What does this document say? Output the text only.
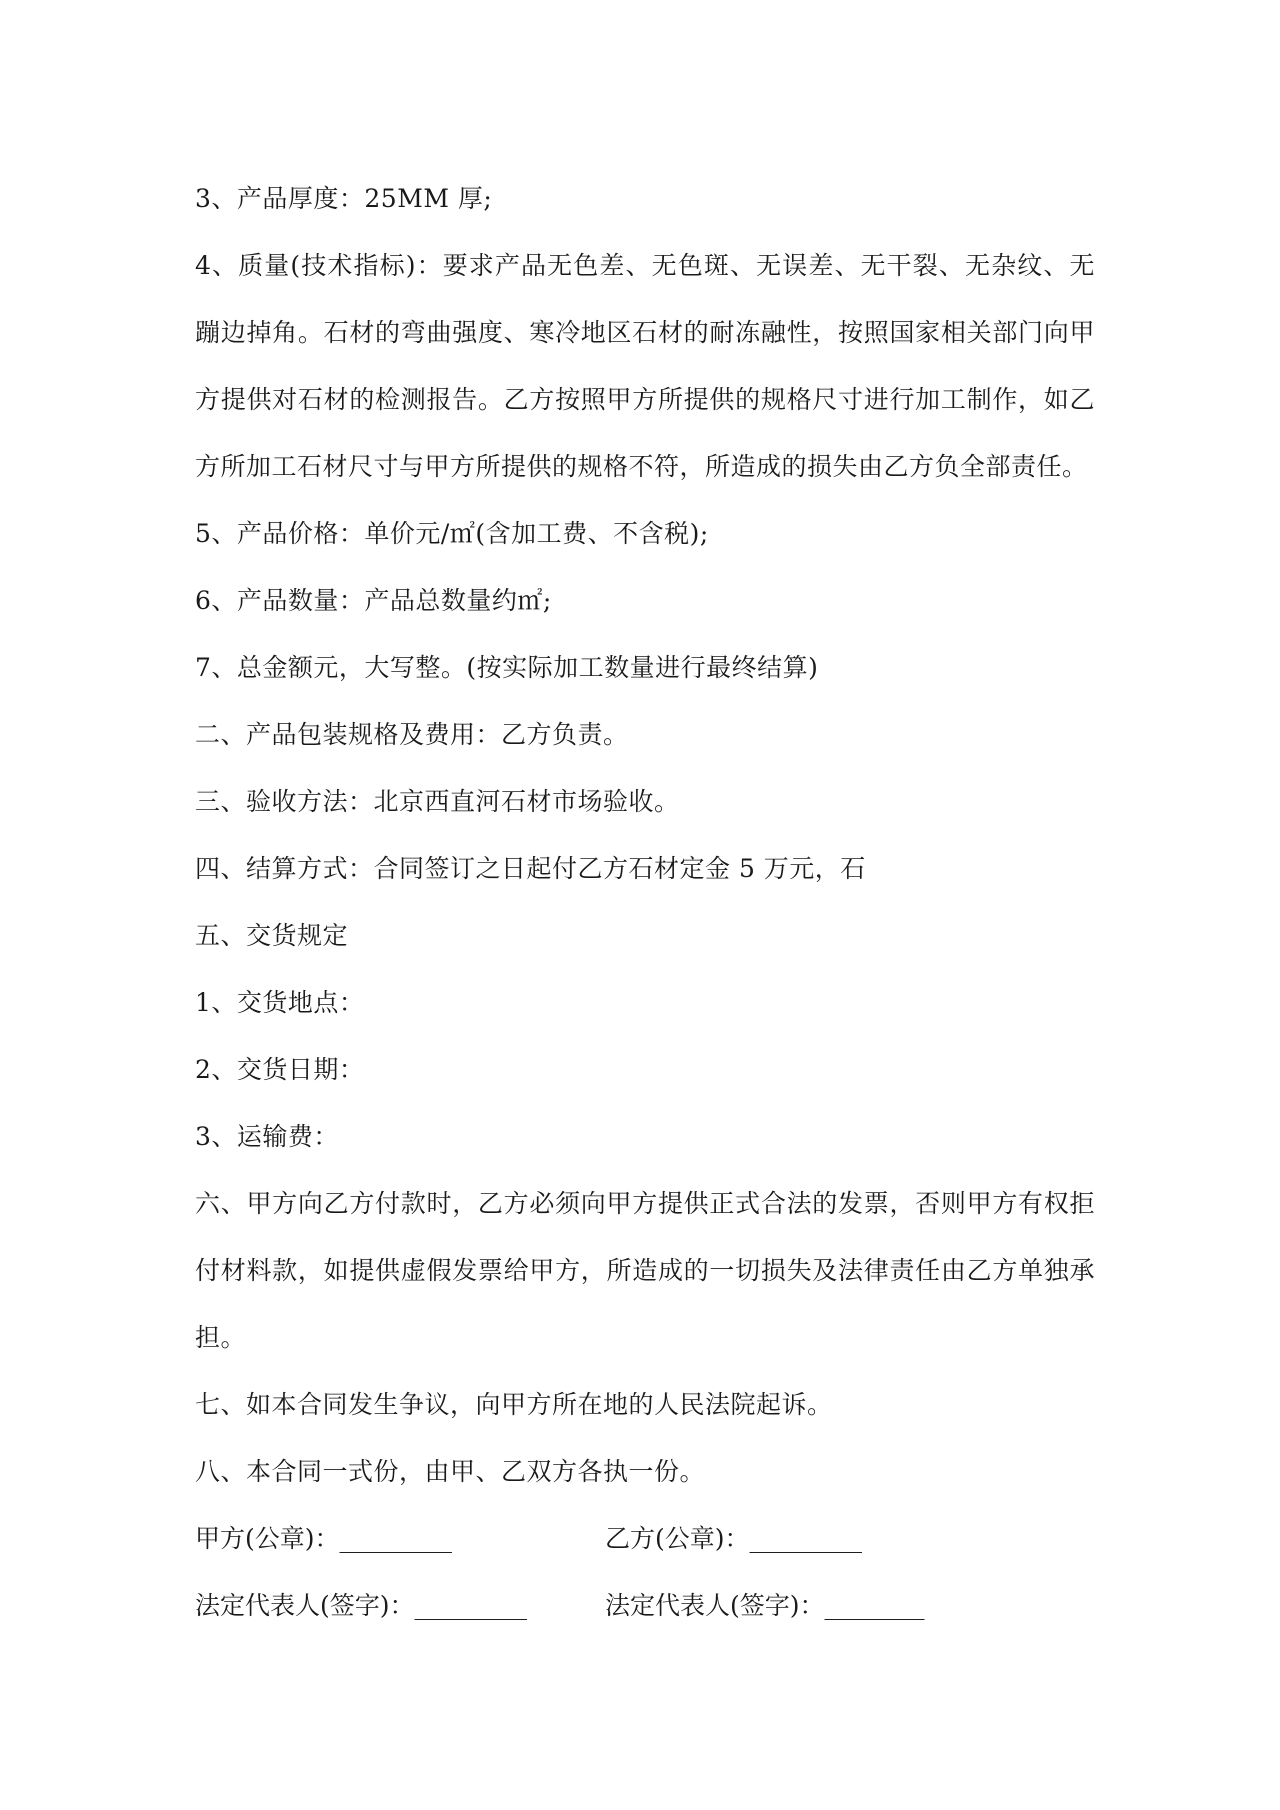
3、产品厚度：25MM 厚;
4、质量(技术指标)：要求产品无色差、无色斑、无误差、无干裂、无杂纹、无蹦边掉角。石材的弯曲强度、寒冷地区石材的耐冻融性，按照国家相关部门向甲方提供对石材的检测报告。乙方按照甲方所提供的规格尺寸进行加工制作，如乙方所加工石材尺寸与甲方所提供的规格不符，所造成的损失由乙方负全部责任。
5、产品价格：单价元/㎡(含加工费、不含税);
6、产品数量：产品总数量约㎡;
7、总金额元，大写整。(按实际加工数量进行最终结算)
二、产品包装规格及费用：乙方负责。
三、验收方法：北京西直河石材市场验收。
四、结算方式：合同签订之日起付乙方石材定金 5 万元，石
五、交货规定
1、交货地点：
2、交货日期：
3、运输费：
六、甲方向乙方付款时，乙方必须向甲方提供正式合法的发票，否则甲方有权拒付材料款，如提供虚假发票给甲方，所造成的一切损失及法律责任由乙方单独承担。
七、如本合同发生争议，向甲方所在地的人民法院起诉。
八、本合同一式份，由甲、乙双方各执一份。
甲方(公章)：_________	乙方(公章)：_________
法定代表人(签字)：_________	法定代表人(签字)：________
